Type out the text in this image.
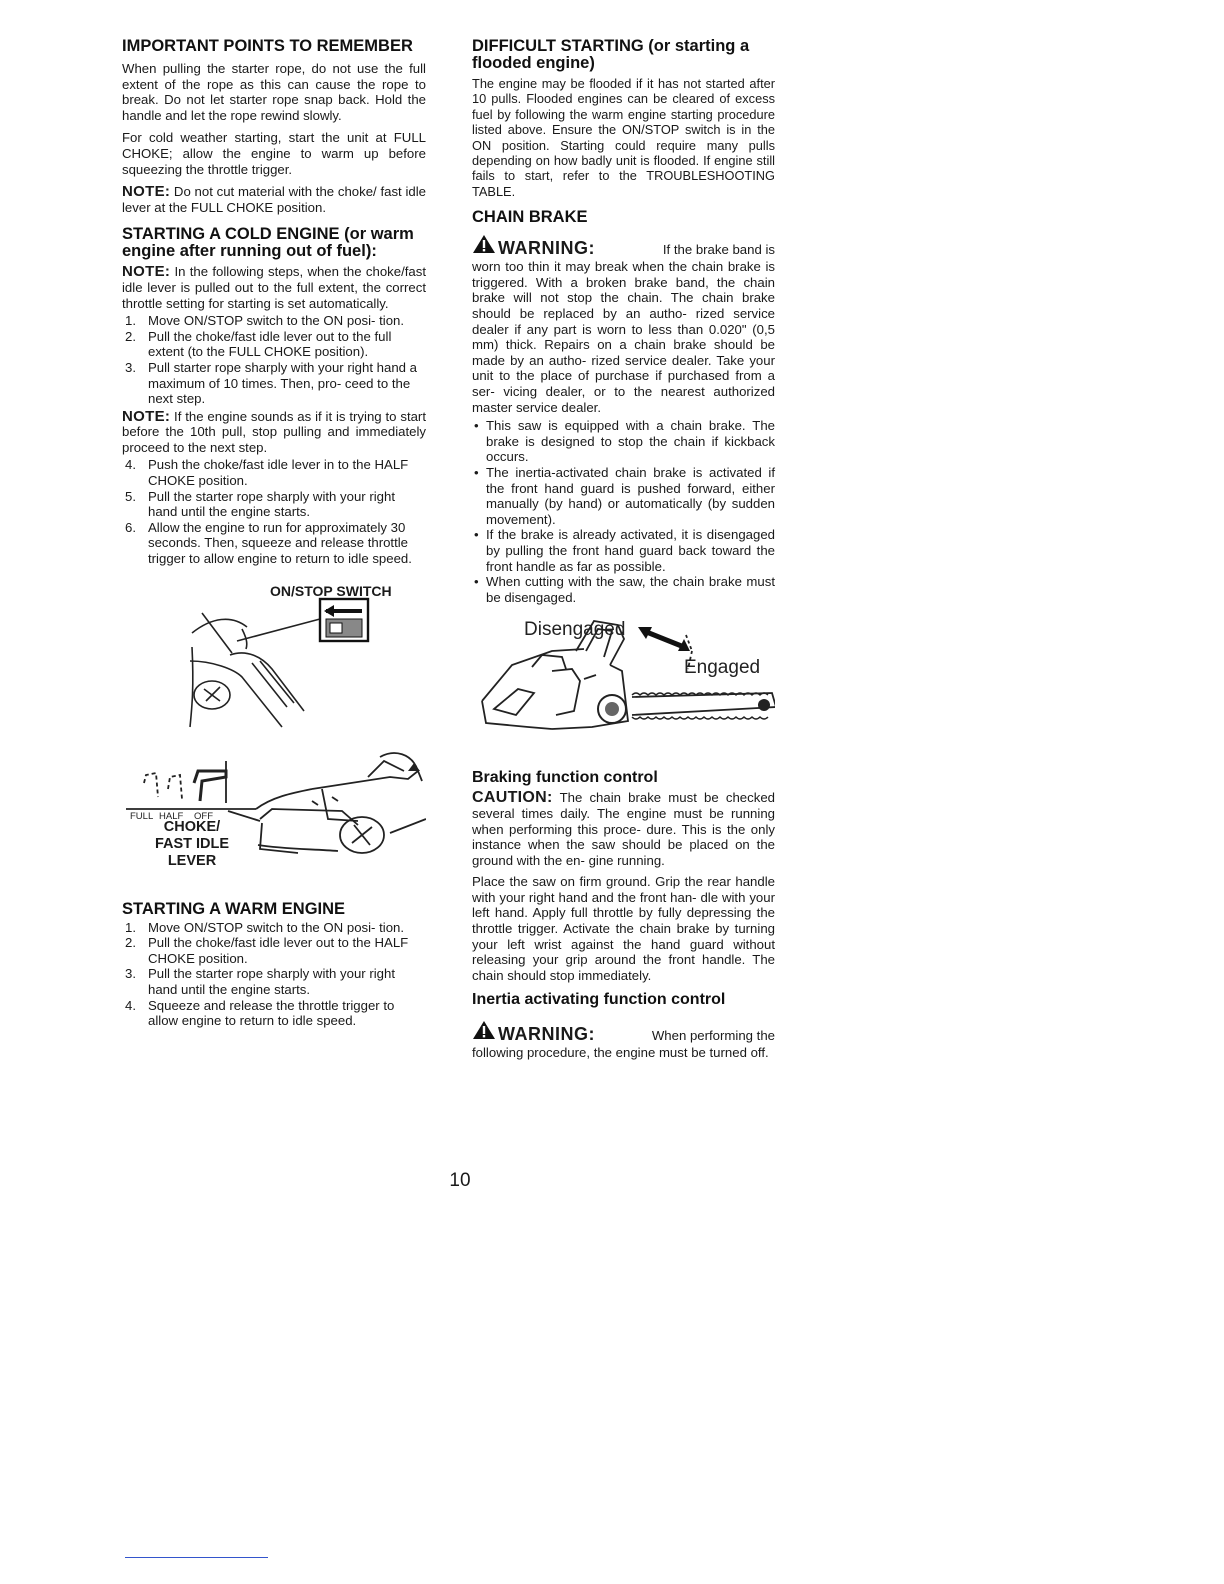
IMPORTANT POINTS TO REMEMBER

When pulling the starter rope, do not use the full extent of the rope as this can cause the rope to break. Do not let starter rope snap back. Hold the handle and let the rope rewind slowly.

For cold weather starting, start the unit at FULL CHOKE; allow the engine to warm up before squeezing the throttle trigger.

NOTE: Do not cut material with the choke/ fast idle lever at the FULL CHOKE position.

STARTING A COLD ENGINE (or warm engine after running out of fuel):

NOTE: In the following steps, when the choke/fast idle lever is pulled out to the full extent, the correct throttle setting for starting is set automatically.

1. Move ON/STOP switch to the ON posi- tion.
2. Pull the choke/fast idle lever out to the full extent (to the FULL CHOKE position).
3. Pull starter rope sharply with your right hand a maximum of 10 times. Then, pro- ceed to the next step.

NOTE: If the engine sounds as if it is trying to start before the 10th pull, stop pulling and immediately proceed to the next step.

4. Push the choke/fast idle lever in to the HALF CHOKE position.
5. Pull the starter rope sharply with your right hand until the engine starts.
6. Allow the engine to run for approximately 30 seconds. Then, squeeze and release throttle trigger to allow engine to return to idle speed.
ON/STOP SWITCH
FULL HALF OFF
CHOKE/
FAST IDLE
LEVER
STARTING A WARM ENGINE
1. Move ON/STOP switch to the ON posi- tion.
2. Pull the choke/fast idle lever out to the HALF CHOKE position.
3. Pull the starter rope sharply with your right hand until the engine starts.
4. Squeeze and release the throttle trigger to allow engine to return to idle speed.
DIFFICULT STARTING (or starting a flooded engine)

The engine may be flooded if it has not started after 10 pulls. Flooded engines can be cleared of excess fuel by following the warm engine starting procedure listed above. Ensure the ON/STOP switch is in the ON position. Starting could require many pulls depending on how badly unit is flooded. If engine still fails to start, refer to the TROUBLESHOOTING TABLE.

CHAIN BRAKE
WARNING:	If the brake band is

worn too thin it may break when the chain brake is triggered. With a broken brake band, the chain brake will not stop the chain. The chain brake should be replaced by an autho- rized service dealer if any part is worn to less than 0.020" (0,5 mm) thick. Repairs on a chain brake should be made by an autho- rized service dealer. Take your unit to the place of purchase if purchased from a ser- vicing dealer, or to the nearest authorized master service dealer.

• This saw is equipped with a chain brake. The brake is designed to stop the chain if kickback occurs.
• The inertia-activated chain brake is activated if the front hand guard is pushed forward, either manually (by hand) or automatically (by sudden movement).
• If the brake is already activated, it is disengaged by pulling the front hand guard back toward the front handle as far as possible.
• When cutting with the saw, the chain brake must be disengaged.
Disengaged
Engaged
Braking function control

CAUTION: The chain brake must be checked several times daily. The engine must be running when performing this proce- dure. This is the only instance when the saw should be placed on the ground with the en- gine running.

Place the saw on firm ground. Grip the rear handle with your right hand and the front han- dle with your left hand. Apply full throttle by fully depressing the throttle trigger. Activate the chain brake by turning your left wrist against the hand guard without releasing your grip around the front handle. The chain should stop immediately.

Inertia activating function control
WARNING:	When performing the

following procedure, the engine must be turned off.

10
